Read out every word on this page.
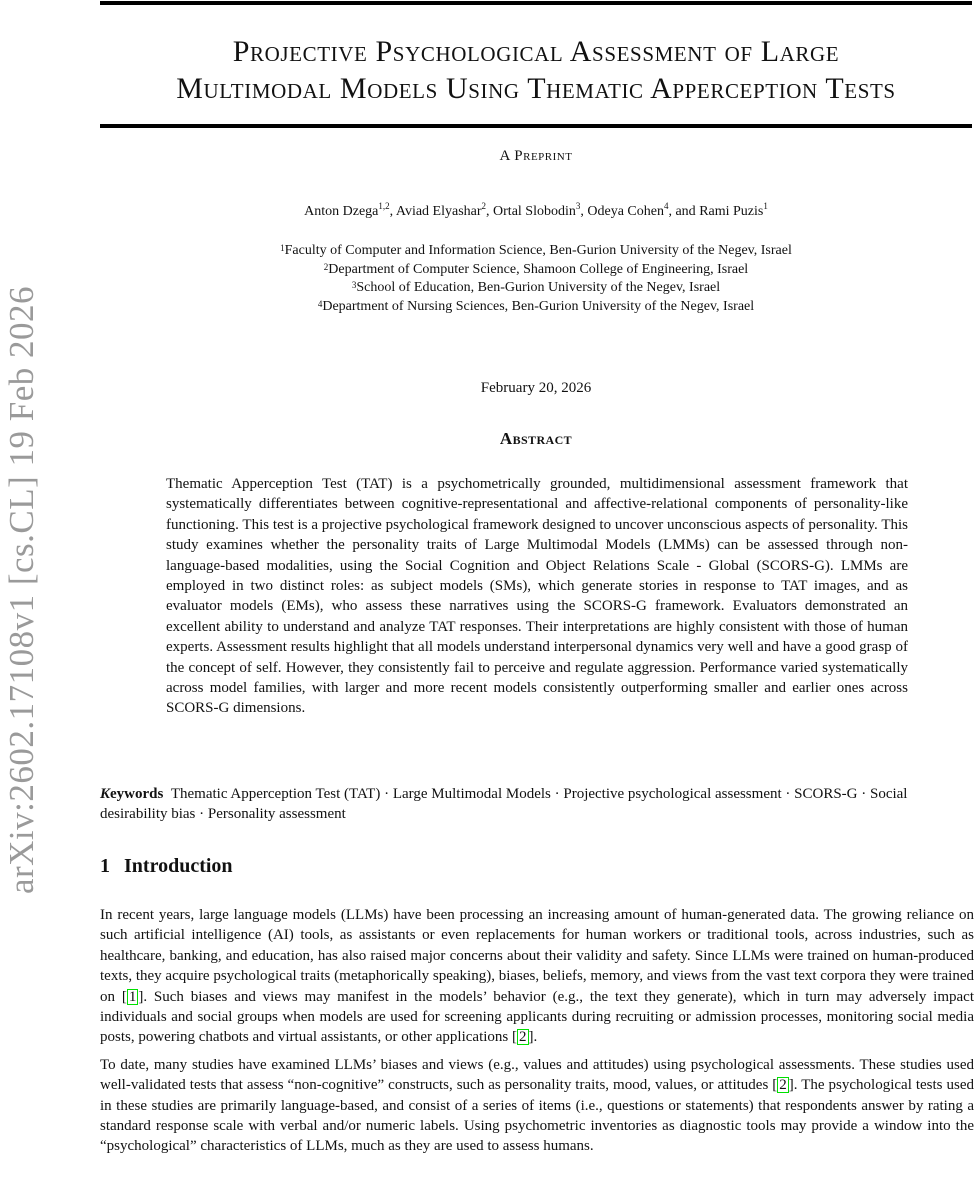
arXiv:2602.17108v1 [cs.CL] 19 Feb 2026
Projective Psychological Assessment of Large
Multimodal Models Using Thematic Apperception Tests
A Preprint
Anton Dzega$^{1,2}$, Aviad Elyashar$^2$, Ortal Slobodin$^3$, Odeya Cohen$^4$, and Rami Puzis$^1$
$^1$Faculty of Computer and Information Science, Ben-Gurion University of the Negev, Israel
$^2$Department of Computer Science, Shamoon College of Engineering, Israel
$^3$School of Education, Ben-Gurion University of the Negev, Israel
$^4$Department of Nursing Sciences, Ben-Gurion University of the Negev, Israel
February 20, 2026
Abstract
Thematic Apperception Test (TAT) is a psychometrically grounded, multidimensional assessment framework that systematically differentiates between cognitive-representational and affective-relational components of personality-like functioning. This test is a projective psychological framework designed to uncover unconscious aspects of personality. This study examines whether the personality traits of Large Multimodal Models (LMMs) can be assessed through non-language-based modalities, using the Social Cognition and Object Relations Scale - Global (SCORS-G). LMMs are employed in two distinct roles: as subject models (SMs), which generate stories in response to TAT images, and as evaluator models (EMs), who assess these narratives using the SCORS-G framework. Evaluators demonstrated an excellent ability to understand and analyze TAT responses. Their interpretations are highly consistent with those of human experts. Assessment results highlight that all models understand interpersonal dynamics very well and have a good grasp of the concept of self. However, they consistently fail to perceive and regulate aggression. Performance varied systematically across model families, with larger and more recent models consistently outperforming smaller and earlier ones across SCORS-G dimensions.
Keywords Thematic Apperception Test (TAT) · Large Multimodal Models · Projective psychological assessment · SCORS-G · Social desirability bias · Personality assessment
1 Introduction

In recent years, large language models (LLMs) have been processing an increasing amount of human-generated data. The growing reliance on such artificial intelligence (AI) tools, as assistants or even replacements for human workers or traditional tools, across industries, such as healthcare, banking, and education, has also raised major concerns about their validity and safety. Since LLMs were trained on human-produced texts, they acquire psychological traits (metaphorically speaking), biases, beliefs, memory, and views from the vast text corpora they were trained on [ 1 ]. Such biases and views may manifest in the models’ behavior (e.g., the text they generate), which in turn may adversely impact individuals and social groups when models are used for screening applicants during recruiting or admission processes, monitoring social media posts, powering chatbots and virtual assistants, or other applications [ 2 ].

To date, many studies have examined LLMs’ biases and views (e.g., values and attitudes) using psychological assessments. These studies used well-validated tests that assess “non-cognitive” constructs, such as personality traits, mood, values, or attitudes [ 2 ]. The psychological tests used in these studies are primarily language-based, and consist of a series of items (i.e., questions or statements) that respondents answer by rating a standard response scale with verbal and/or numeric labels. Using psychometric inventories as diagnostic tools may provide a window into the “psychological” characteristics of LLMs, much as they are used to assess humans.
